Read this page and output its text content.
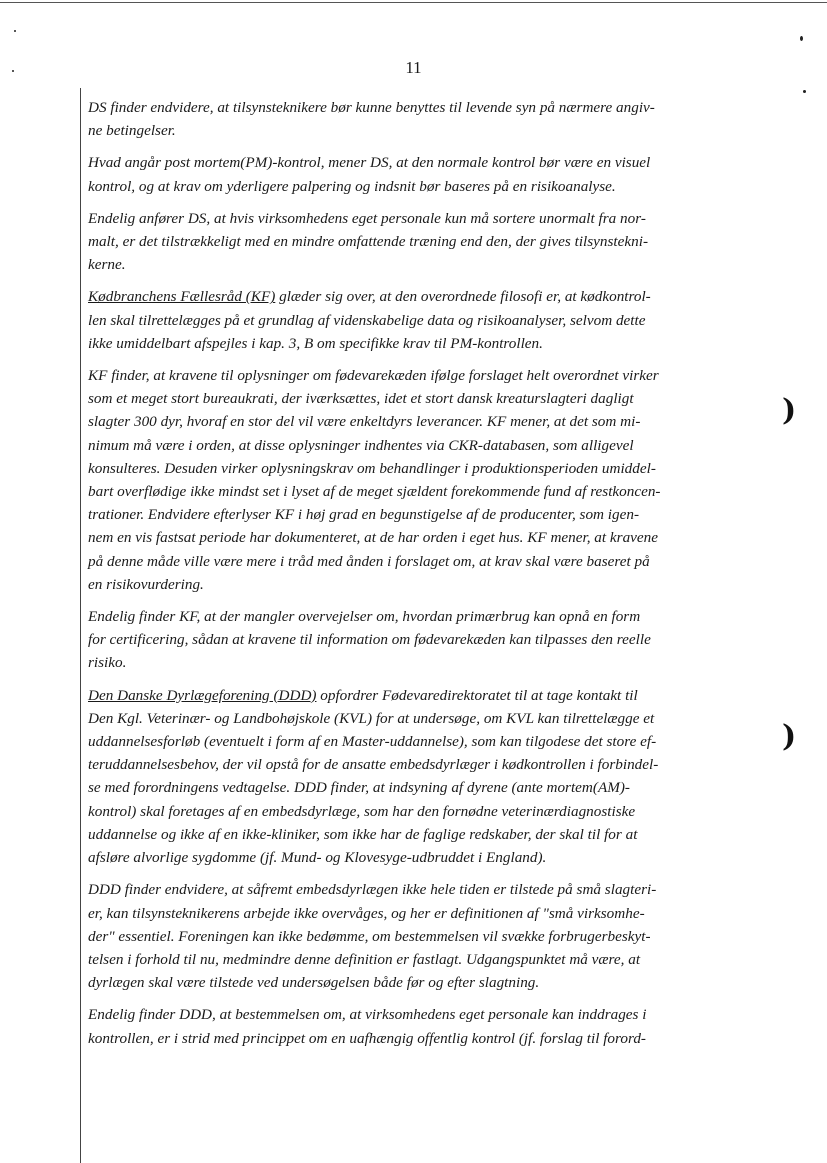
11
)
)

DS finder endvidere, at tilsynsteknikere bør kunne benyttes til levende syn på nærmere angiv-
ne betingelser.

Hvad angår post mortem(PM)-kontrol, mener DS, at den normale kontrol bør være en visuel
kontrol, og at krav om yderligere palpering og indsnit bør baseres på en risikoanalyse.

Endelig anfører DS, at hvis virksomhedens eget personale kun må sortere unormalt fra nor-
malt, er det tilstrækkeligt med en mindre omfattende træning end den, der gives tilsynstekni-
kerne.

Kødbranchens Fællesråd (KF) glæder sig over, at den overordnede filosofi er, at kødkontrol-
len skal tilrettelægges på et grundlag af videnskabelige data og risikoanalyser, selvom dette
ikke umiddelbart afspejles i kap. 3, B om specifikke krav til PM-kontrollen.

KF finder, at kravene til oplysninger om fødevarekæden ifølge forslaget helt overordnet virker
som et meget stort bureaukrati, der iværksættes, idet et stort dansk kreaturslagteri dagligt
slagter 300 dyr, hvoraf en stor del vil være enkeltdyrs leverancer. KF mener, at det som mi-
nimum må være i orden, at disse oplysninger indhentes via CKR-databasen, som alligevel
konsulteres. Desuden virker oplysningskrav om behandlinger i produktionsperioden umiddel-
bart overflødige ikke mindst set i lyset af de meget sjældent forekommende fund af restkoncen-
trationer. Endvidere efterlyser KF i høj grad en begunstigelse af de producenter, som igen-
nem en vis fastsat periode har dokumenteret, at de har orden i eget hus. KF mener, at kravene
på denne måde ville være mere i tråd med ånden i forslaget om, at krav skal være baseret på
en risikovurdering.

Endelig finder KF, at der mangler overvejelser om, hvordan primærbrug kan opnå en form
for certificering, sådan at kravene til information om fødevarekæden kan tilpasses den reelle
risiko.

Den Danske Dyrlægeforening (DDD) opfordrer Fødevaredirektoratet til at tage kontakt til
Den Kgl. Veterinær- og Landbohøjskole (KVL) for at undersøge, om KVL kan tilrettelægge et
uddannelsesforløb (eventuelt i form af en Master-uddannelse), som kan tilgodese det store ef-
teruddannelsesbehov, der vil opstå for de ansatte embedsdyrlæger i kødkontrollen i forbindel-
se med forordningens vedtagelse. DDD finder, at indsyning af dyrene (ante mortem(AM)-
kontrol) skal foretages af en embedsdyrlæge, som har den fornødne veterinærdiagnostiske
uddannelse og ikke af en ikke-kliniker, som ikke har de faglige redskaber, der skal til for at
afsløre alvorlige sygdomme (jf. Mund- og Klovesyge-udbruddet i England).

DDD finder endvidere, at såfremt embedsdyrlægen ikke hele tiden er tilstede på små slagteri-
er, kan tilsynsteknikerens arbejde ikke overvåges, og her er definitionen af "små virksomhe-
der" essentiel. Foreningen kan ikke bedømme, om bestemmelsen vil svække forbrugerbeskyt-
telsen i forhold til nu, medmindre denne definition er fastlagt. Udgangspunktet må være, at
dyrlægen skal være tilstede ved undersøgelsen både før og efter slagtning.

Endelig finder DDD, at bestemmelsen om, at virksomhedens eget personale kan inddrages i
kontrollen, er i strid med princippet om en uafhængig offentlig kontrol (jf. forslag til forord-
